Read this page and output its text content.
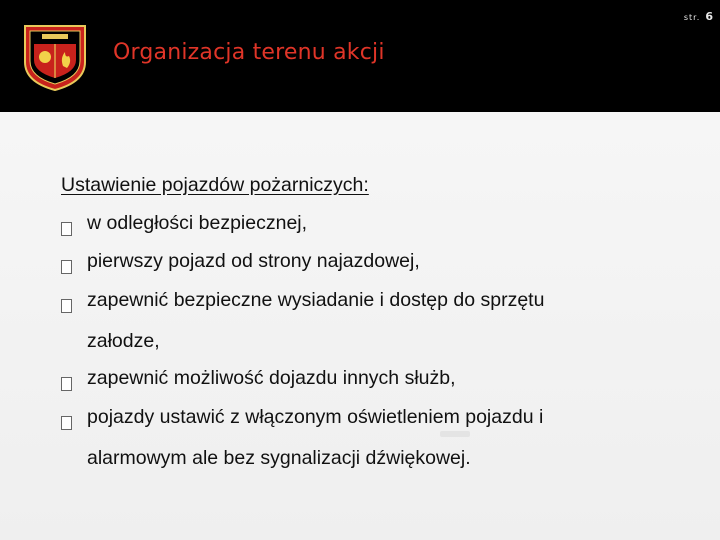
str. 6
Organizacja terenu akcji
Ustawienie pojazdów pożarniczych:
w odległości bezpiecznej,
pierwszy pojazd od strony najazdowej,
zapewnić bezpieczne wysiadanie i dostęp do sprzętu
załodze,
zapewnić możliwość dojazdu innych służb,
pojazdy ustawić z włączonym oświetleniem pojazdu i
alarmowym ale bez sygnalizacji dźwiękowej.
